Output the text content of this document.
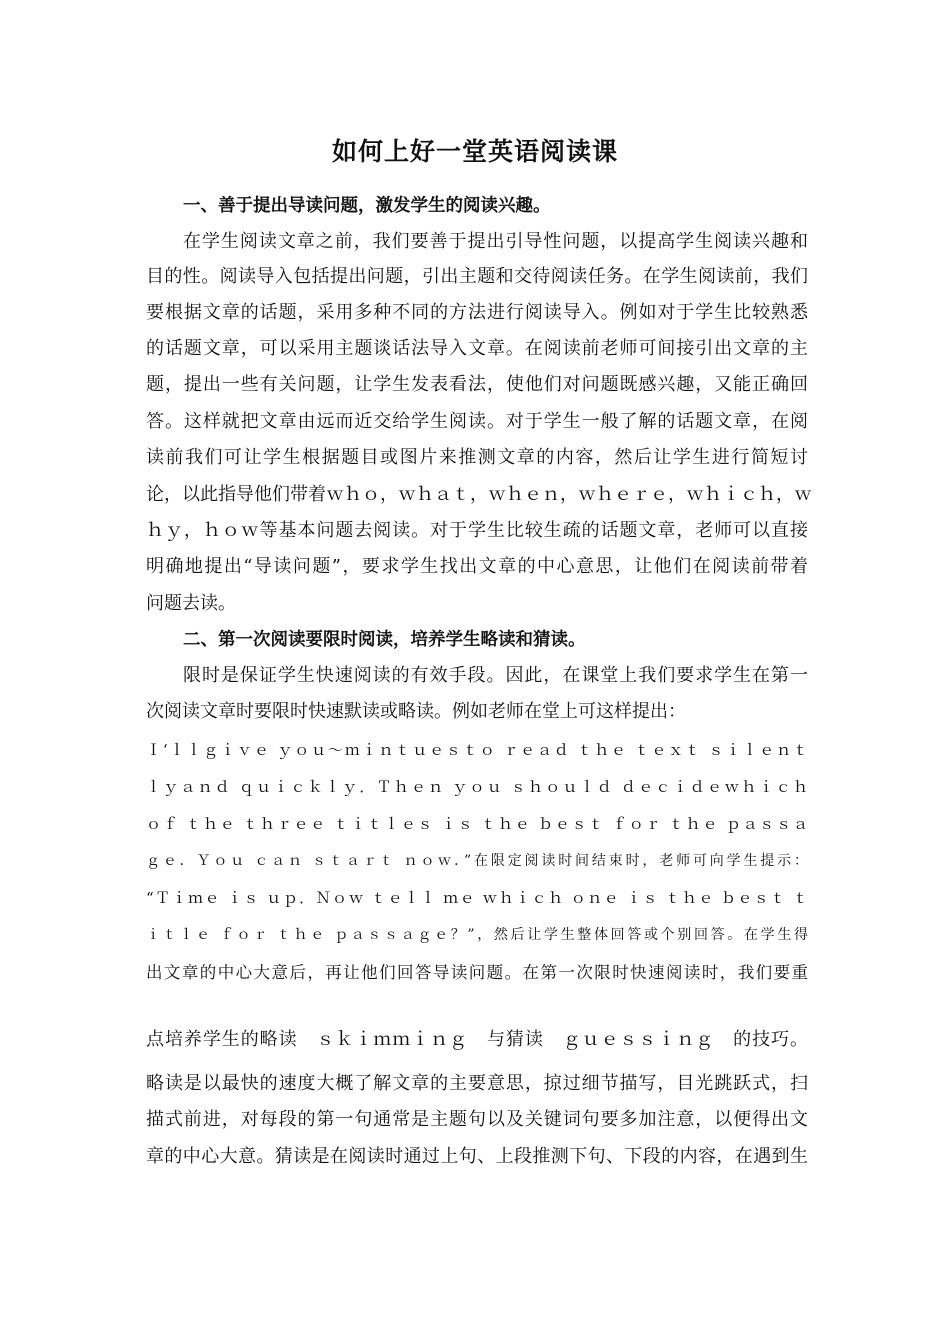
如何上好一堂英语阅读课
一、善于提出导读问题，激发学生的阅读兴趣。
在学生阅读文章之前，我们要善于提出引导性问题，以提高学生阅读兴趣和
目的性。阅读导入包括提出问题，引出主题和交待阅读任务。在学生阅读前，我们
要根据文章的话题，采用多种不同的方法进行阅读导入。例如对于学生比较熟悉
的话题文章，可以采用主题谈话法导入文章。在阅读前老师可间接引出文章的主
题，提出一些有关问题，让学生发表看法，使他们对问题既感兴趣，又能正确回
答。这样就把文章由远而近交给学生阅读。对于学生一般了解的话题文章，在阅
读前我们可让学生根据题目或图片来推测文章的内容，然后让学生进行简短讨
论，以此指导他们带着ｗｈｏ，ｗｈａｔ，ｗｈｅｎ，ｗｈｅｒｅ，ｗｈｉｃｈ，ｗ
ｈｙ，ｈｏｗ等基本问题去阅读。对于学生比较生疏的话题文章，老师可以直接
明确地提出“导读问题”，要求学生找出文章的中心意思，让他们在阅读前带着
问题去读。
二、第一次阅读要限时阅读，培养学生略读和猜读。
限时是保证学生快速阅读的有效手段。因此，在课堂上我们要求学生在第一
次阅读文章时要限时快速默读或略读。例如老师在堂上可这样提出：
Ｉ‘ｌｌｇｉｖｅ ｙｏｕ～ｍｉｎｔｕｅｓｔｏ ｒｅａｄ ｔｈｅ ｔｅｘｔ ｓｉｌｅｎｔ
ｌｙａｎｄ ｑｕｉｃｋｌｙ．Ｔｈｅｎ ｙｏｕ ｓｈｏｕｌｄ ｄｅｃｉｄｅｗｈｉｃｈ
ｏｆ ｔｈｅ ｔｈｒｅｅ ｔｉｔｌｅｓ ｉｓ ｔｈｅ ｂｅｓｔ ｆｏｒ ｔｈｅ ｐａｓｓａ
ｇｅ．Ｙｏｕ ｃａｎ ｓｔａｒｔ ｎｏｗ．”在限定阅读时间结束时，老师可向学生提示：
“Ｔｉｍｅ ｉｓ ｕｐ．Ｎｏｗ ｔｅｌｌ ｍｅ ｗｈｉｃｈ ｏｎｅ ｉｓ ｔｈｅ ｂｅｓｔ ｔ
ｉｔｌｅ ｆｏｒ ｔｈｅ ｐａｓｓａｇｅ？”，然后让学生整体回答或个别回答。在学生得
出文章的中心大意后，再让他们回答导读问题。在第一次限时快速阅读时，我们要重
点培养学生的略读　ｓｋｉｍｍｉｎｇ　与猜读　ｇｕｅｓｓｉｎｇ　的技巧。
略读是以最快的速度大概了解文章的主要意思，掠过细节描写，目光跳跃式，扫
描式前进，对每段的第一句通常是主题句以及关键词句要多加注意，以便得出文
章的中心大意。猜读是在阅读时通过上句、上段推测下句、下段的内容，在遇到生
